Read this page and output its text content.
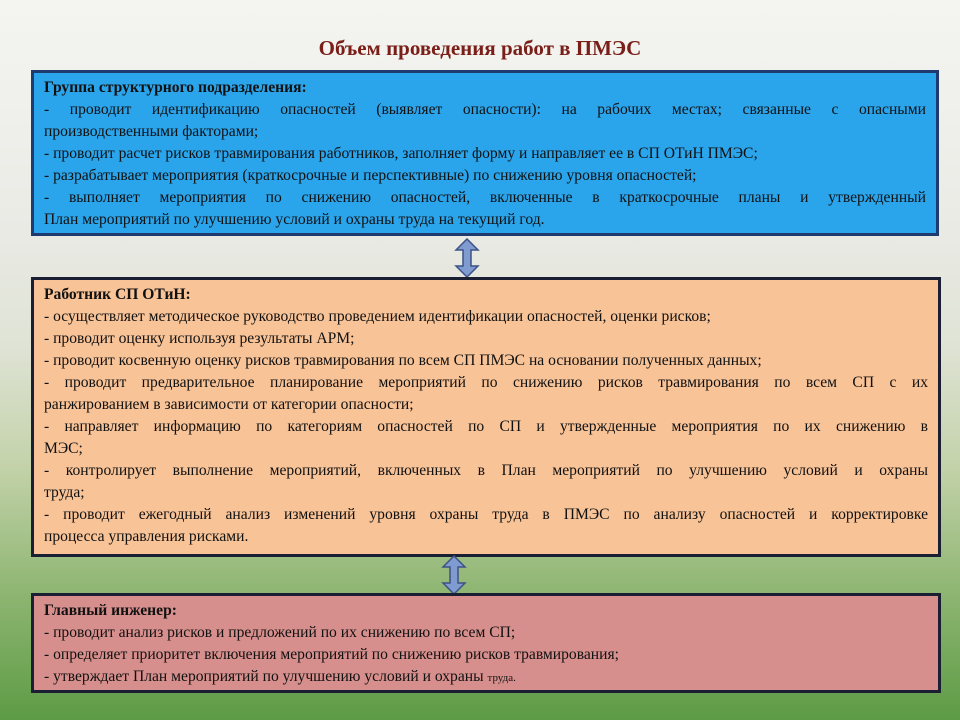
Объем проведения работ в ПМЭС
Группа структурного подразделения:
- проводит идентификацию опасностей (выявляет опасности): на рабочих местах; связанные с опасными
производственными факторами;
- проводит расчет рисков травмирования работников, заполняет форму и направляет ее в СП ОТиН ПМЭС;
- разрабатывает мероприятия (краткосрочные и перспективные) по снижению уровня опасностей;
- выполняет мероприятия по снижению опасностей, включенные в краткосрочные планы и утвержденный
План мероприятий по улучшению условий и охраны труда на текущий год.
Работник СП ОТиН:
- осуществляет методическое руководство проведением идентификации опасностей, оценки рисков;
- проводит оценку используя результаты АРМ;
- проводит косвенную оценку рисков травмирования по всем СП ПМЭС на основании полученных данных;
- проводит предварительное планирование мероприятий по снижению рисков травмирования по всем СП с их
ранжированием в зависимости от категории опасности;
- направляет информацию по категориям опасностей по СП и утвержденные мероприятия по их снижению в
МЭС;
- контролирует выполнение мероприятий, включенных в План мероприятий по улучшению условий и охраны
труда;
- проводит ежегодный анализ изменений уровня охраны труда в ПМЭС по анализу опасностей и корректировке
процесса управления рисками.
Главный инженер:
- проводит анализ рисков и предложений по их снижению по всем СП;
- определяет приоритет включения мероприятий по снижению рисков травмирования;
- утверждает План мероприятий по улучшению условий и охраны труда.
